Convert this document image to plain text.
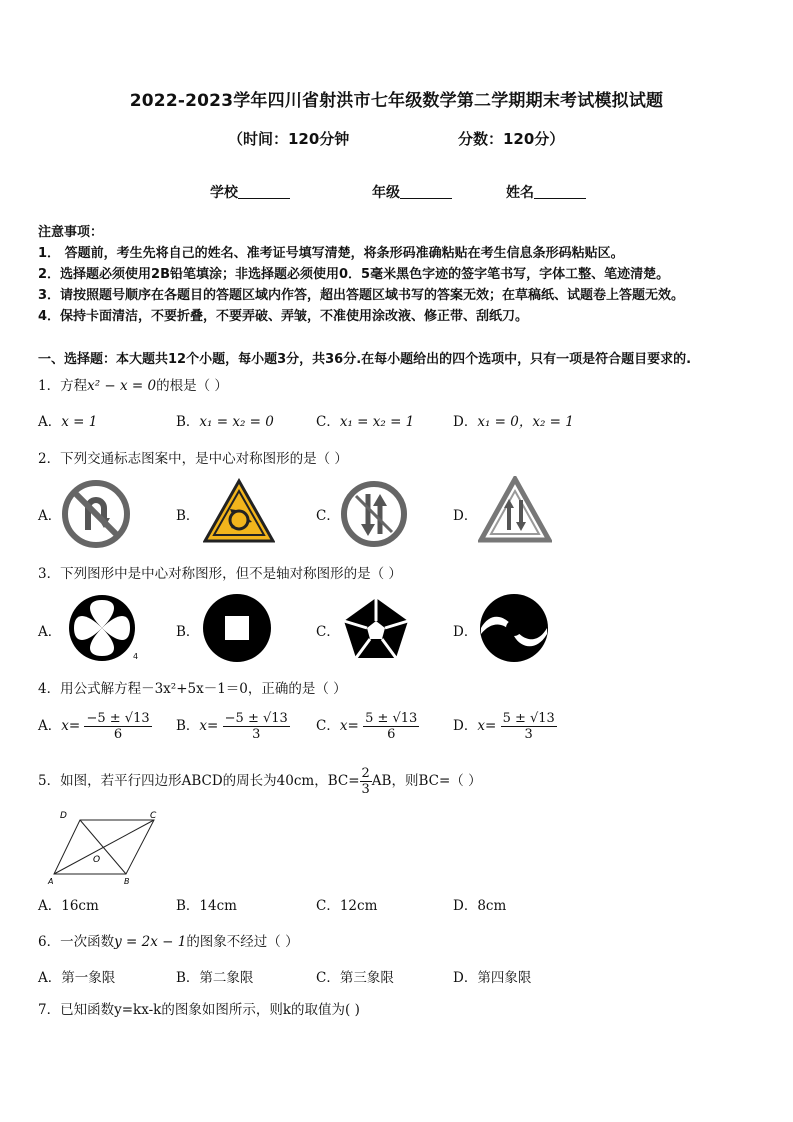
2022-2023学年四川省射洪市七年级数学第二学期期末考试模拟试题
（时间：120分钟	分数：120分）
学校	年级	姓名
注意事项：
1． 答题前，考生先将自己的姓名、准考证号填写清楚，将条形码准确粘贴在考生信息条形码粘贴区。
2．选择题必须使用2B铅笔填涂；非选择题必须使用0．5毫米黑色字迹的签字笔书写，字体工整、笔迹清楚。
3．请按照题号顺序在各题目的答题区域内作答，超出答题区域书写的答案无效；在草稿纸、试题卷上答题无效。
4．保持卡面清洁，不要折叠，不要弄破、弄皱，不准使用涂改液、修正带、刮纸刀。
一、选择题：本大题共12个小题，每小题3分，共36分.在每小题给出的四个选项中，只有一项是符合题目要求的.
1．方程x² − x = 0的根是（ ）
A．x = 1	B．x₁ = x₂ = 0	C．x₁ = x₂ = 1	D．x₁ = 0，x₂ = 1
2．下列交通标志图案中，是中心对称图形的是（ ）
A．	B．	C．	D．
3．下列图形中是中心对称图形，但不是轴对称图形的是（ ）
A．
4
B．	C．	D．
4．用公式解方程－3x²+5x－1＝0，正确的是（ ）
A．$x= \frac{-5 \pm √13}{6}$ B．$x= \frac{-5 \pm √13}{3}$ C．$x= \frac{5 \pm √13}{6}$ D．$x= \frac{5 \pm √13}{3}$
5．如图，若平行四边形ABCD的周长为40cm，$BC= \frac{2}{3}$ AB，则BC=（ ）
D	C
A	B
O
A．16cm	B．14cm	C．12cm	D．8cm
6．一次函数y = 2x − 1的图象不经过（ ）
A．第一象限	B．第二象限	C．第三象限	D．第四象限
7．已知函数y=kx-k的图象如图所示，则k的取值为( )
